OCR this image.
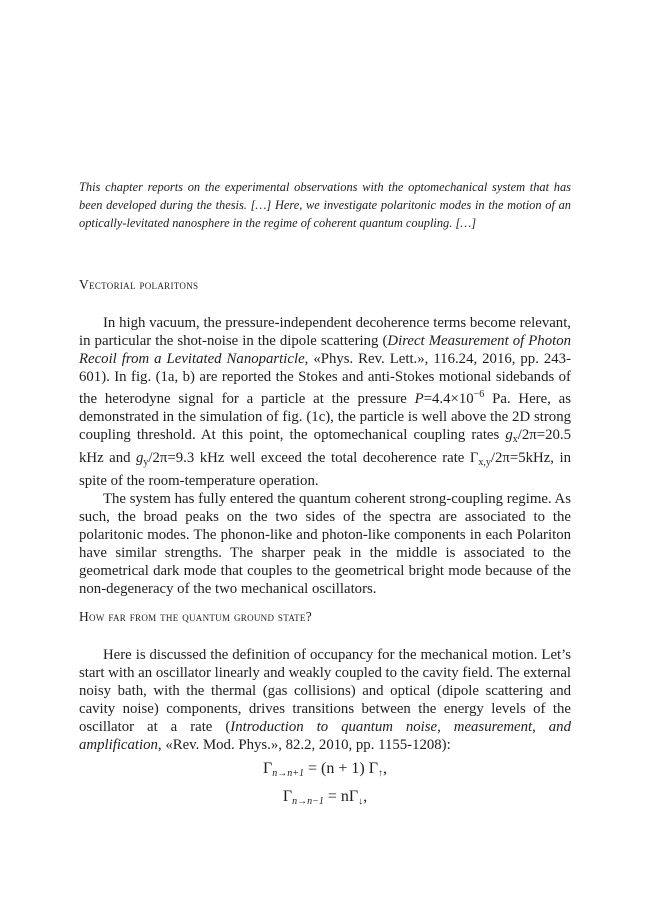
This chapter reports on the experimental observations with the optomechanical system that has been developed during the thesis. […] Here, we investigate polaritonic modes in the motion of an optically-levitated nanosphere in the regime of coherent quantum coupling. […]

Vectorial polaritons

In high vacuum, the pressure-independent decoherence terms become relevant, in particular the shot-noise in the dipole scattering (Direct Measurement of Photon Recoil from a Levitated Nanoparticle, «Phys. Rev. Lett.», 116.24, 2016, pp. 243-601). In fig. (1a, b) are reported the Stokes and anti-Stokes motional sidebands of the heterodyne signal for a particle at the pressure $P=4.4\times 10^{-6}$ Pa. Here, as demonstrated in the simulation of fig. (1c), the particle is well above the 2D strong coupling threshold. At this point, the optomechanical coupling rates $g_x/2\pi=20.5$ kHz and $g_y/2\pi=9.3$ kHz well exceed the total decoherence rate $\Gamma_{x,y}/2\pi=5kHz$, in spite of the room-temperature operation.

The system has fully entered the quantum coherent strong-coupling regime. As such, the broad peaks on the two sides of the spectra are associated to the polaritonic modes. The phonon-like and photon-like components in each Polariton have similar strengths. The sharper peak in the middle is associated to the geometrical dark mode that couples to the geometrical bright mode because of the non-degeneracy of the two mechanical oscillators.

How far from the quantum ground state?

Here is discussed the definition of occupancy for the mechanical motion. Let’s start with an oscillator linearly and weakly coupled to the cavity field. The external noisy bath, with the thermal (gas collisions) and optical (dipole scattering and cavity noise) components, drives transitions between the energy levels of the oscillator at a rate (Introduction to quantum noise, measurement, and amplification, «Rev. Mod. Phys.», 82.2, 2010, pp. 1155-1208):

$\Gamma_{n\to n+1} = (n + 1)$ $\Gamma_↑$,
$\Gamma_{n\to n-1} = n\Gamma_↓$,
